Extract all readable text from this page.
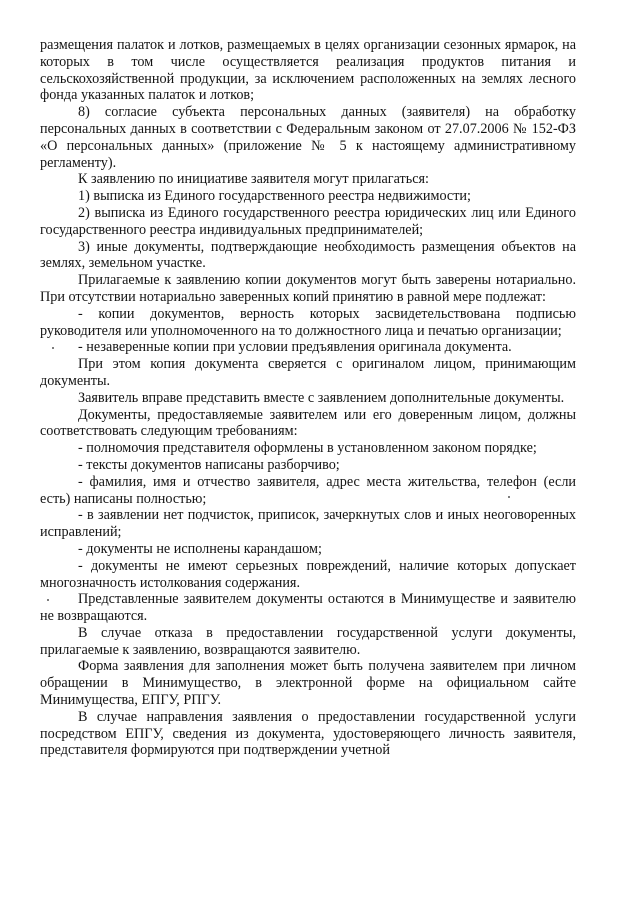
размещения палаток и лотков, размещаемых в целях организации сезонных ярмарок, на которых в том числе осуществляется реализация продуктов питания и сельскохозяйственной продукции, за исключением расположенных на землях лесного фонда указанных палаток и лотков;

8) согласие субъекта персональных данных (заявителя) на обработку персональных данных в соответствии с Федеральным законом от 27.07.2006 № 152-ФЗ «О персональных данных» (приложение № 5 к настоящему административному регламенту).

К заявлению по инициативе заявителя могут прилагаться:

1) выписка из Единого государственного реестра недвижимости;

2) выписка из Единого государственного реестра юридических лиц или Единого государственного реестра индивидуальных предпринимателей;

3) иные документы, подтверждающие необходимость размещения объектов на землях, земельном участке.

Прилагаемые к заявлению копии документов могут быть заверены нотариально. При отсутствии нотариально заверенных копий принятию в равной мере подлежат:

- копии документов, верность которых засвидетельствована подписью руководителя или уполномоченного на то должностного лица и печатью организации;

- незаверенные копии при условии предъявления оригинала документа.

При этом копия документа сверяется с оригиналом лицом, принимающим документы.

Заявитель вправе представить вместе с заявлением дополнительные документы.

Документы, предоставляемые заявителем или его доверенным лицом, должны соответствовать следующим требованиям:

- полномочия представителя оформлены в установленном законом порядке;

- тексты документов написаны разборчиво;

- фамилия, имя и отчество заявителя, адрес места жительства, телефон (если есть) написаны полностью;

- в заявлении нет подчисток, приписок, зачеркнутых слов и иных неоговоренных исправлений;

- документы не исполнены карандашом;

- документы не имеют серьезных повреждений, наличие которых допускает многозначность истолкования содержания.

Представленные заявителем документы остаются в Минимуществе и заявителю не возвращаются.

В случае отказа в предоставлении государственной услуги документы, прилагаемые к заявлению, возвращаются заявителю.

Форма заявления для заполнения может быть получена заявителем при личном обращении в Минимущество, в электронной форме на официальном сайте Минимущества, ЕПГУ, РПГУ.

В случае направления заявления о предоставлении государственной услуги посредством ЕПГУ, сведения из документа, удостоверяющего личность заявителя, представителя формируются при подтверждении учетной
